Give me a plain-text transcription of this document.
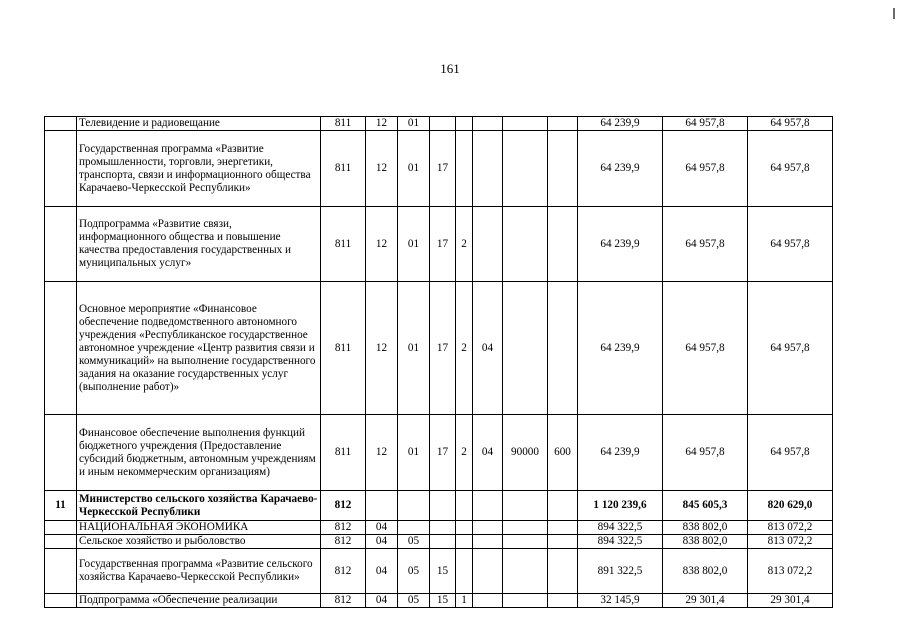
161
	Телевидение и радиовещание	811	12	01						64 239,9	64 957,8	64 957,8
	Государственная программа «Развитие промышленности, торговли, энергетики, транспорта, связи и информационного общества Карачаево-Черкесской Республики»	811	12	01	17					64 239,9	64 957,8	64 957,8
	Подпрограмма «Развитие связи, информационного общества и повышение качества предоставления государственных и муниципальных услуг»	811	12	01	17	2				64 239,9	64 957,8	64 957,8
	Основное мероприятие «Финансовое обеспечение подведомственного автономного учреждения «Республиканское государственное автономное учреждение «Центр развития связи и коммуникаций» на выполнение государственного задания на оказание государственных услуг (выполнение работ)»	811	12	01	17	2	04			64 239,9	64 957,8	64 957,8
	Финансовое обеспечение выполнения функций бюджетного учреждения (Предоставление субсидий бюджетным, автономным учреждениям и иным некоммерческим организациям)	811	12	01	17	2	04	90000	600	64 239,9	64 957,8	64 957,8
11	Министерство сельского хозяйства Карачаево-Черкесской Республики	812								1 120 239,6	845 605,3	820 629,0
	НАЦИОНАЛЬНАЯ ЭКОНОМИКА	812	04							894 322,5	838 802,0	813 072,2
	Сельское хозяйство и рыболовство	812	04	05						894 322,5	838 802,0	813 072,2
	Государственная программа «Развитие сельского хозяйства Карачаево-Черкесской Республики»	812	04	05	15					891 322,5	838 802,0	813 072,2
	Подпрограмма «Обеспечение реализации	812	04	05	15	1				32 145,9	29 301,4	29 301,4
